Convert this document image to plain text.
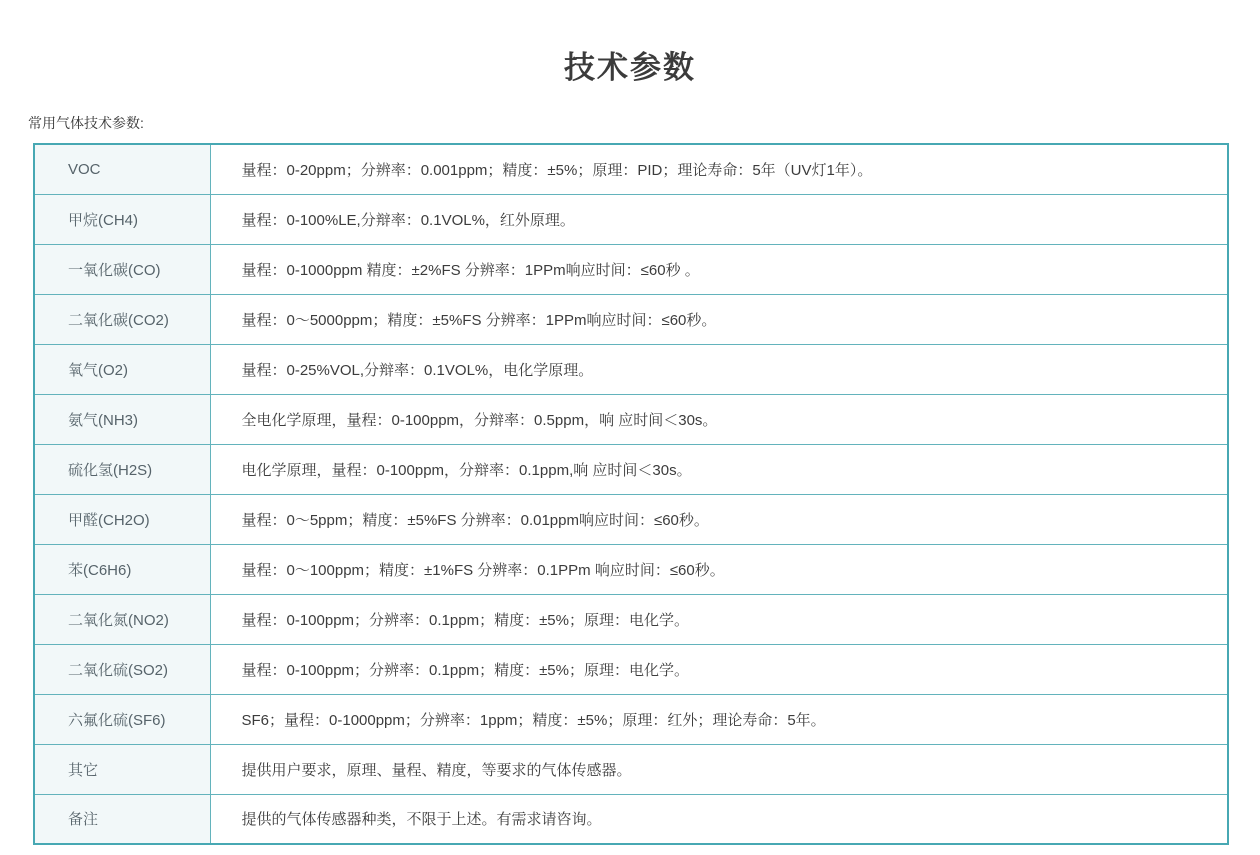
技术参数
常用气体技术参数:
VOC	量程：0-20ppm；分辨率：0.001ppm；精度：±5%；原理：PID；理论寿命：5年（UV灯1年）。
甲烷(CH4)	量程：0-100%LE,分辩率：0.1VOL%，红外原理。
一氧化碳(CO)	量程：0-1000ppm 精度：±2%FS 分辨率：1PPm响应时间：≤60秒 。
二氧化碳(CO2)	量程：0～5000ppm；精度：±5%FS 分辨率：1PPm响应时间：≤60秒。
氧气(O2)	量程：0-25%VOL,分辩率：0.1VOL%，电化学原理。
氨气(NH3)	全电化学原理，量程：0-100ppm，分辩率：0.5ppm，响 应时间＜30s。
硫化氢(H2S)	电化学原理，量程：0-100ppm，分辩率：0.1ppm,响 应时间＜30s。
甲醛(CH2O)	量程：0～5ppm；精度：±5%FS 分辨率：0.01ppm响应时间：≤60秒。
苯(C6H6)	量程：0～100ppm；精度：±1%FS 分辨率：0.1PPm 响应时间：≤60秒。
二氧化氮(NO2)	量程：0-100ppm；分辨率：0.1ppm；精度：±5%；原理：电化学。
二氧化硫(SO2)	量程：0-100ppm；分辨率：0.1ppm；精度：±5%；原理：电化学。
六氟化硫(SF6)	SF6；量程：0-1000ppm；分辨率：1ppm；精度：±5%；原理：红外；理论寿命：5年。
其它	提供用户要求，原理、量程、精度，等要求的气体传感器。
备注	提供的气体传感器种类，不限于上述。有需求请咨询。
